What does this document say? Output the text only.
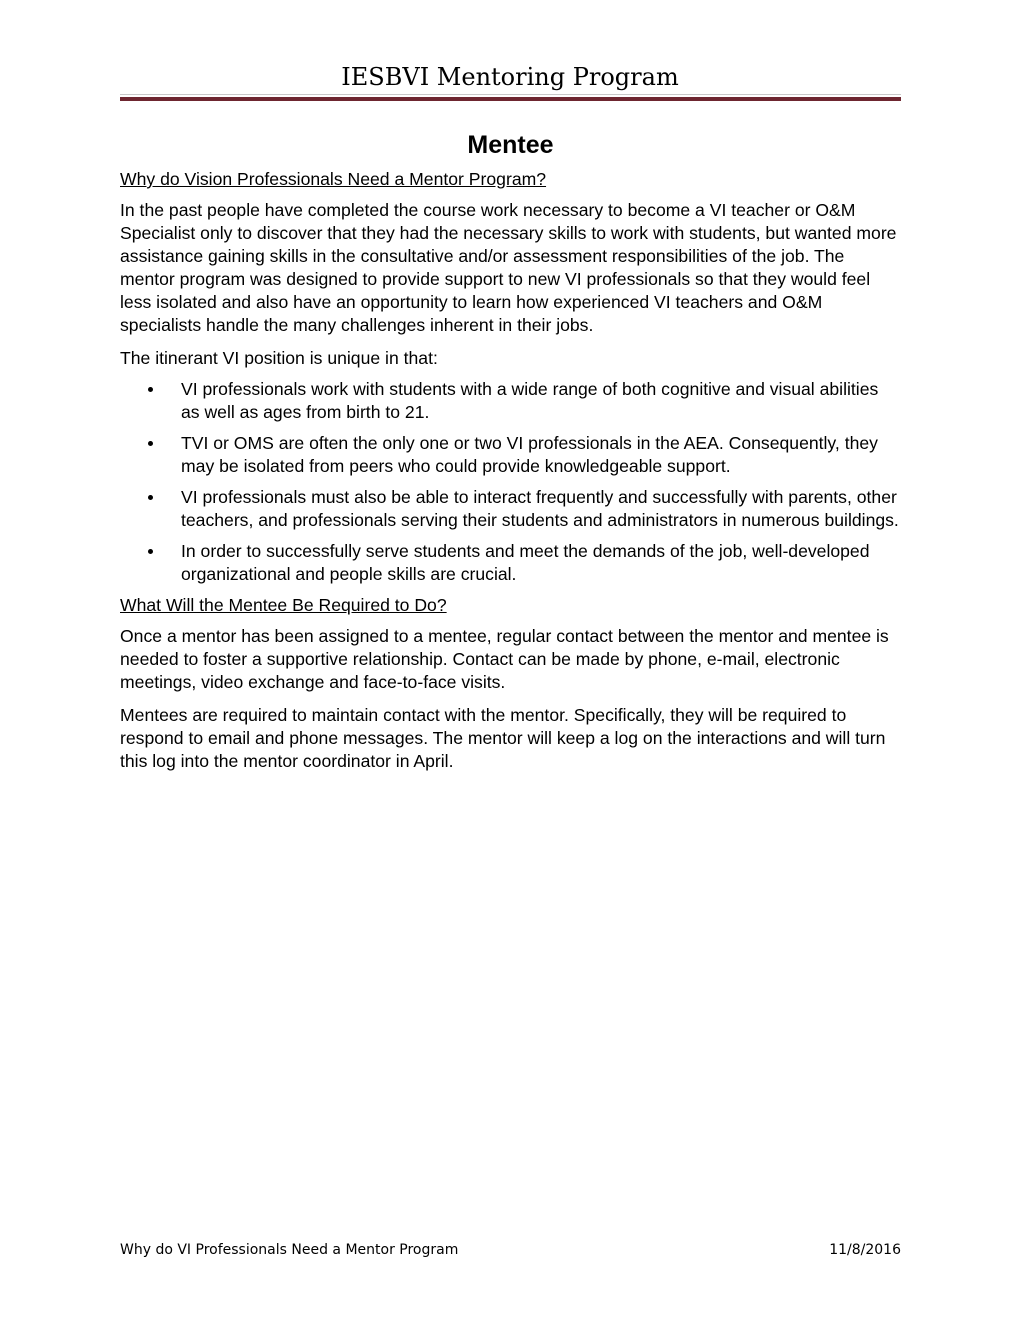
IESBVI Mentoring Program
Mentee
Why do Vision Professionals Need a Mentor Program?

In the past people have completed the course work necessary to become a VI teacher or O&M Specialist only to discover that they had the necessary skills to work with students, but wanted more assistance gaining skills in the consultative and/or assessment responsibilities of the job. The mentor program was designed to provide support to new VI professionals so that they would feel less isolated and also have an opportunity to learn how experienced VI teachers and O&M specialists handle the many challenges inherent in their jobs.

The itinerant VI position is unique in that:

VI professionals work with students with a wide range of both cognitive and visual abilities as well as ages from birth to 21.
TVI or OMS are often the only one or two VI professionals in the AEA. Consequently, they may be isolated from peers who could provide knowledgeable support.
VI professionals must also be able to interact frequently and successfully with parents, other teachers, and professionals serving their students and administrators in numerous buildings.
In order to successfully serve students and meet the demands of the job, well-developed organizational and people skills are crucial.
What Will the Mentee Be Required to Do?

Once a mentor has been assigned to a mentee, regular contact between the mentor and mentee is needed to foster a supportive relationship. Contact can be made by phone, e-mail, electronic meetings, video exchange and face-to-face visits.

Mentees are required to maintain contact with the mentor. Specifically, they will be required to respond to email and phone messages. The mentor will keep a log on the interactions and will turn this log into the mentor coordinator in April.

Why do VI Professionals Need a Mentor Program	11/8/2016
